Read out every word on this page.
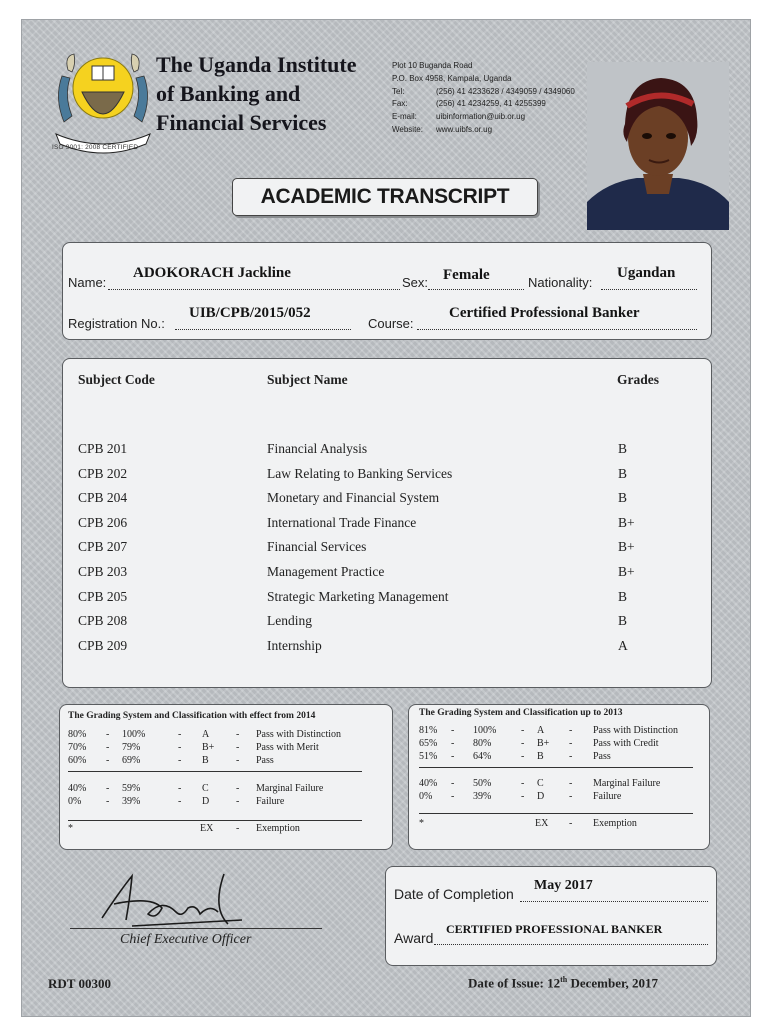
The Uganda Institute
of Banking and
Financial Services
ISO 9001: 2008 CERTIFIED
Plot 10 Buganda Road
P.O. Box 4958, Kampala, Uganda
Tel:	(256) 41 4233628 / 4349059 / 4349060
Fax:	(256) 41 4234259, 41 4255399
E-mail:	uibinformation@uib.or.ug
Website:	www.uibfs.or.ug
ACADEMIC TRANSCRIPT
Name:
ADOKORACH Jackline
Sex: Female	Nationality:
Ugandan
Registration No.:
UIB/CPB/2015/052
Course:
Certified Professional Banker
Subject Code	Subject Name	Grades
CPB 201	Financial Analysis	B
CPB 202	Law Relating to Banking Services	B
CPB 204	Monetary and Financial System	B
CPB 206	International Trade Finance	B+
CPB 207	Financial Services	B+
CPB 203	Management Practice	B+
CPB 205	Strategic Marketing Management	B
CPB 208	Lending	B
CPB 209	Internship	A
The Grading System and Classification with effect from 2014
80% - 100%	- A	- Pass with Distinction
70% - 79%	- B+ - Pass with Merit
60% - 69%	- B	- Pass
40% - 59%	- C	- Marginal Failure
0% - 39%	- D	- Failure
*	EX - Exemption
The Grading System and Classification up to 2013
81% - 100% - A - Pass with Distinction
65% - 80%	- B+ - Pass with Credit
51% - 64%	- B	- Pass
40% - 50%	- C	- Marginal Failure
0% - 39%	- D - Failure
*	EX - Exemption
Chief Executive Officer
Date of Completion
May 2017
Award
CERTIFIED PROFESSIONAL BANKER
RDT 00300	Date of Issue: 12th December, 2017
